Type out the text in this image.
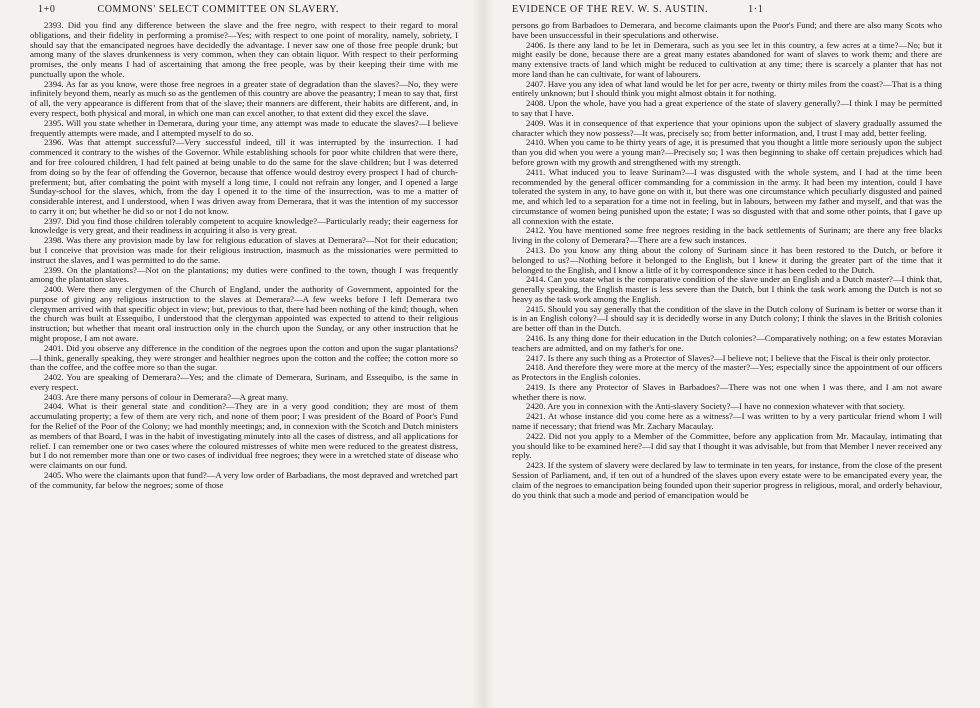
1+0	COMMONS' SELECT COMMITTEE ON SLAVERY.	EVIDENCE OF THE REV. W. S. AUSTIN.	1·1

2393. Did you find any difference between the slave and the free negro, with respect to their regard to moral obligations, and their fidelity in performing a promise?—Yes; with respect to one point of morality, namely, sobriety, I should say that the emancipated negroes have decidedly the advantage. I never saw one of those free people drunk; but among many of the slaves drunkenness is very common, when they can obtain liquor. With respect to their performing promises, the only means I had of ascertaining that among the free people, was by their keeping their time with me punctually upon the whole.

2394. As far as you know, were those free negroes in a greater state of degradation than the slaves?—No, they were infinitely beyond them, nearly as much so as the gentlemen of this country are above the peasantry; I mean to say that, first of all, the very appearance is different from that of the slave; their manners are different, their habits are different, and, in every respect, both physical and moral, in which one man can excel another, to that extent did they excel the slave.

2395. Will you state whether in Demerara, during your time, any attempt was made to educate the slaves?—I believe frequently attempts were made, and I attempted myself to do so.

2396. Was that attempt successful?—Very successful indeed, till it was interrupted by the insurrection. I had commenced it contrary to the wishes of the Governor. While establishing schools for poor white children that were there, and for free coloured children, I had felt pained at being unable to do the same for the slave children; but I was deterred from doing so by the fear of offending the Governor, because that offence would destroy every prospect I had of church-preferment; but, after combating the point with myself a long time, I could not refrain any longer, and I opened a large Sunday-school for the slaves, which, from the day I opened it to the time of the insurrection, was to me a matter of considerable interest, and I understood, when I was driven away from Demerara, that it was the intention of my successor to carry it on; but whether he did so or not I do not know.

2397. Did you find those children tolerably competent to acquire knowledge?—Particularly ready; their eagerness for knowledge is very great, and their readiness in acquiring it also is very great.

2398. Was there any provision made by law for religious education of slaves at Demerara?—Not for their education; but I conceive that provision was made for their religious instruction, inasmuch as the missionaries were permitted to instruct the slaves, and I was permitted to do the same.

2399. On the plantations?—Not on the plantations; my duties were confined to the town, though I was frequently among the plantation slaves.

2400. Were there any clergymen of the Church of England, under the authority of Government, appointed for the purpose of giving any religious instruction to the slaves at Demerara?—A few weeks before I left Demerara two clergymen arrived with that specific object in view; but, previous to that, there had been nothing of the kind; though, when the church was built at Essequibo, I understood that the clergyman appointed was expected to attend to their religious instruction; but whether that meant oral instruction only in the church upon the Sunday, or any other instruction that he might propose, I am not aware.

2401. Did you observe any difference in the condition of the negroes upon the cotton and upon the sugar plantations?—I think, generally speaking, they were stronger and healthier negroes upon the cotton and the coffee; the cotton more so than the coffee, and the coffee more so than the sugar.

2402. You are speaking of Demerara?—Yes; and the climate of Demerara, Surinam, and Essequibo, is the same in every respect.

2403. Are there many persons of colour in Demerara?—A great many.

2404. What is their general state and condition?—They are in a very good condition; they are most of them accumulating property; a few of them are very rich, and none of them poor; I was president of the Board of Poor's Fund for the Relief of the Poor of the Colony; we had monthly meetings; and, in connexion with the Scotch and Dutch ministers as members of that Board, I was in the habit of investigating minutely into all the cases of distress, and all applications for relief. I can remember one or two cases where the coloured mistresses of white men were reduced to the greatest distress, but I do not remember more than one or two cases of individual free negroes; they were in a wretched state of disease who were claimants on our fund.

2405. Who were the claimants upon that fund?—A very low order of Barbadians, the most depraved and wretched part of the community, far below the negroes; some of those

persons go from Barbadoes to Demerara, and become claimants upon the Poor's Fund; and there are also many Scots who have been unsuccessful in their speculations and otherwise.

2406. Is there any land to be let in Demerara, such as you see let in this country, a few acres at a time?—No; but it might easily be done, because there are a great many estates abandoned for want of slaves to work them; and there are many extensive tracts of land which might be reduced to cultivation at any time; there is scarcely a planter that has not more land than he can cultivate, for want of labourers.

2407. Have you any idea of what land would be let for per acre, twenty or thirty miles from the coast?—That is a thing entirely unknown; but I should think you might almost obtain it for nothing.

2408. Upon the whole, have you had a great experience of the state of slavery generally?—I think I may be permitted to say that I have.

2409. Was it in consequence of that experience that your opinions upon the subject of slavery gradually assumed the character which they now possess?—It was, precisely so; from better information, and, I trust I may add, better feeling.

2410. When you came to be thirty years of age, it is presumed that you thought a little more seriously upon the subject than you did when you were a young man?—Precisely so; I was then beginning to shake off certain prejudices which had before grown with my growth and strengthened with my strength.

2411. What induced you to leave Surinam?—I was disgusted with the whole system, and I had at the time been recommended by the general officer commanding for a commission in the army. It had been my intention, could I have tolerated the system in any, to have gone on with it, but there was one circumstance which peculiarly disgusted and pained me, and which led to a separation for a time not in feeling, but in labours, between my father and myself, and that was the circumstance of women being punished upon the estate; I was so disgusted with that and some other points, that I gave up all connexion with the estate.

2412. You have mentioned some free negroes residing in the back settlements of Surinam; are there any free blacks living in the colony of Demerara?—There are a few such instances.

2413. Do you know any thing about the colony of Surinam since it has been restored to the Dutch, or before it belonged to us?—Nothing before it belonged to the English, but I knew it during the greater part of the time that it belonged to the English, and I know a little of it by correspondence since it has been ceded to the Dutch.

2414. Can you state what is the comparative condition of the slave under an English and a Dutch master?—I think that, generally speaking, the English master is less severe than the Dutch, but I think the task work among the Dutch is not so heavy as the task work among the English.

2415. Should you say generally that the condition of the slave in the Dutch colony of Surinam is better or worse than it is in an English colony?—I should say it is decidedly worse in any Dutch colony; I think the slaves in the British colonies are better off than in the Dutch.

2416. Is any thing done for their education in the Dutch colonies?—Comparatively nothing; on a few estates Moravian teachers are admitted, and on my father's for one.

2417. Is there any such thing as a Protector of Slaves?—I believe not; I believe that the Fiscal is their only protector.

2418. And therefore they were more at the mercy of the master?—Yes; especially since the appointment of our officers as Protectors in the English colonies.

2419. Is there any Protector of Slaves in Barbadoes?—There was not one when I was there, and I am not aware whether there is now.

2420. Are you in connexion with the Anti-slavery Society?—I have no connexion whatever with that society.

2421. At whose instance did you come here as a witness?—I was written to by a very particular friend whom I will name if necessary; that friend was Mr. Zachary Macaulay.

2422. Did not you apply to a Member of the Committee, before any application from Mr. Macaulay, intimating that you should like to be examined here?—I did say that I thought it was advisable, but from that Member I never received any reply.

2423. If the system of slavery were declared by law to terminate in ten years, for instance, from the close of the present Session of Parliament, and, if ten out of a hundred of the slaves upon every estate were to be emancipated every year, the claim of the negroes to emancipation being founded upon their superior progress in religious, moral, and orderly behaviour, do you think that such a mode and period of emancipation would be
